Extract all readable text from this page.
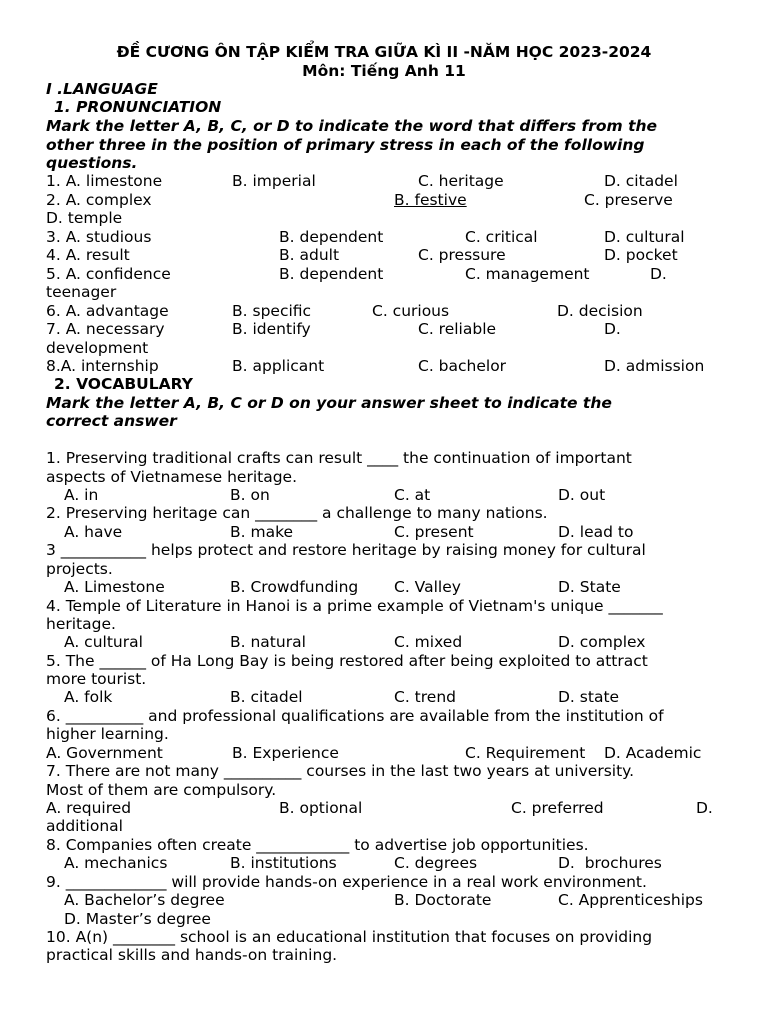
ĐỀ CƯƠNG ÔN TẬP KIỂM TRA GIỮA KÌ II -NĂM HỌC 2023-2024
Môn: Tiếng Anh 11
I .LANGUAGE
1. PRONUNCIATION
Mark the letter A, B, C, or D to indicate the word that differs from the
other three in the position of primary stress in each of the following
questions.
1. A. limestone	B. imperial	C. heritage	D. citadel
2. A. complex	B. festive	C. preserve
D. temple
3. A. studious	B. dependent	C. critical	D. cultural
4. A. result	B. adult	C. pressure	D. pocket
5. A. confidence	B. dependent	C. management	D.
teenager
6. A. advantage	B. specific	C. curious	D. decision
7. A. necessary	B. identify	C. reliable	D.
development
8.A. internship	B. applicant	C. bachelor	D. admission
2. VOCABULARY
Mark the letter A, B, C or D on your answer sheet to indicate the
correct answer
1. Preserving traditional crafts can result ____ the continuation of important
aspects of Vietnamese heritage.
A. in	B. on	C. at	D. out
2. Preserving heritage can ________ a challenge to many nations.
A. have	B. make	C. present	D. lead to
3 ___________ helps protect and restore heritage by raising money for cultural
projects.
A. Limestone	B. Crowdfunding C. Valley	D. State
4. Temple of Literature in Hanoi is a prime example of Vietnam's unique _______
heritage.
A. cultural	B. natural	C. mixed	D. complex
5. The ______ of Ha Long Bay is being restored after being exploited to attract
more tourist.
A. folk	B. citadel	C. trend	D. state
6. __________ and professional qualifications are available from the institution of
higher learning.
A. Government	B. Experience	C. Requirement D. Academic
7. There are not many __________ courses in the last two years at university.
Most of them are compulsory.
A. required	B. optional	C. preferred	D.
additional
8. Companies often create ____________ to advertise job opportunities.
A. mechanics	B. institutions	C. degrees	D.  brochures
9. _____________ will provide hands-on experience in a real work environment.
A. Bachelor’s degree	B. Doctorate	C. Apprenticeships
D. Master’s degree
10. A(n) ________ school is an educational institution that focuses on providing
practical skills and hands-on training.
